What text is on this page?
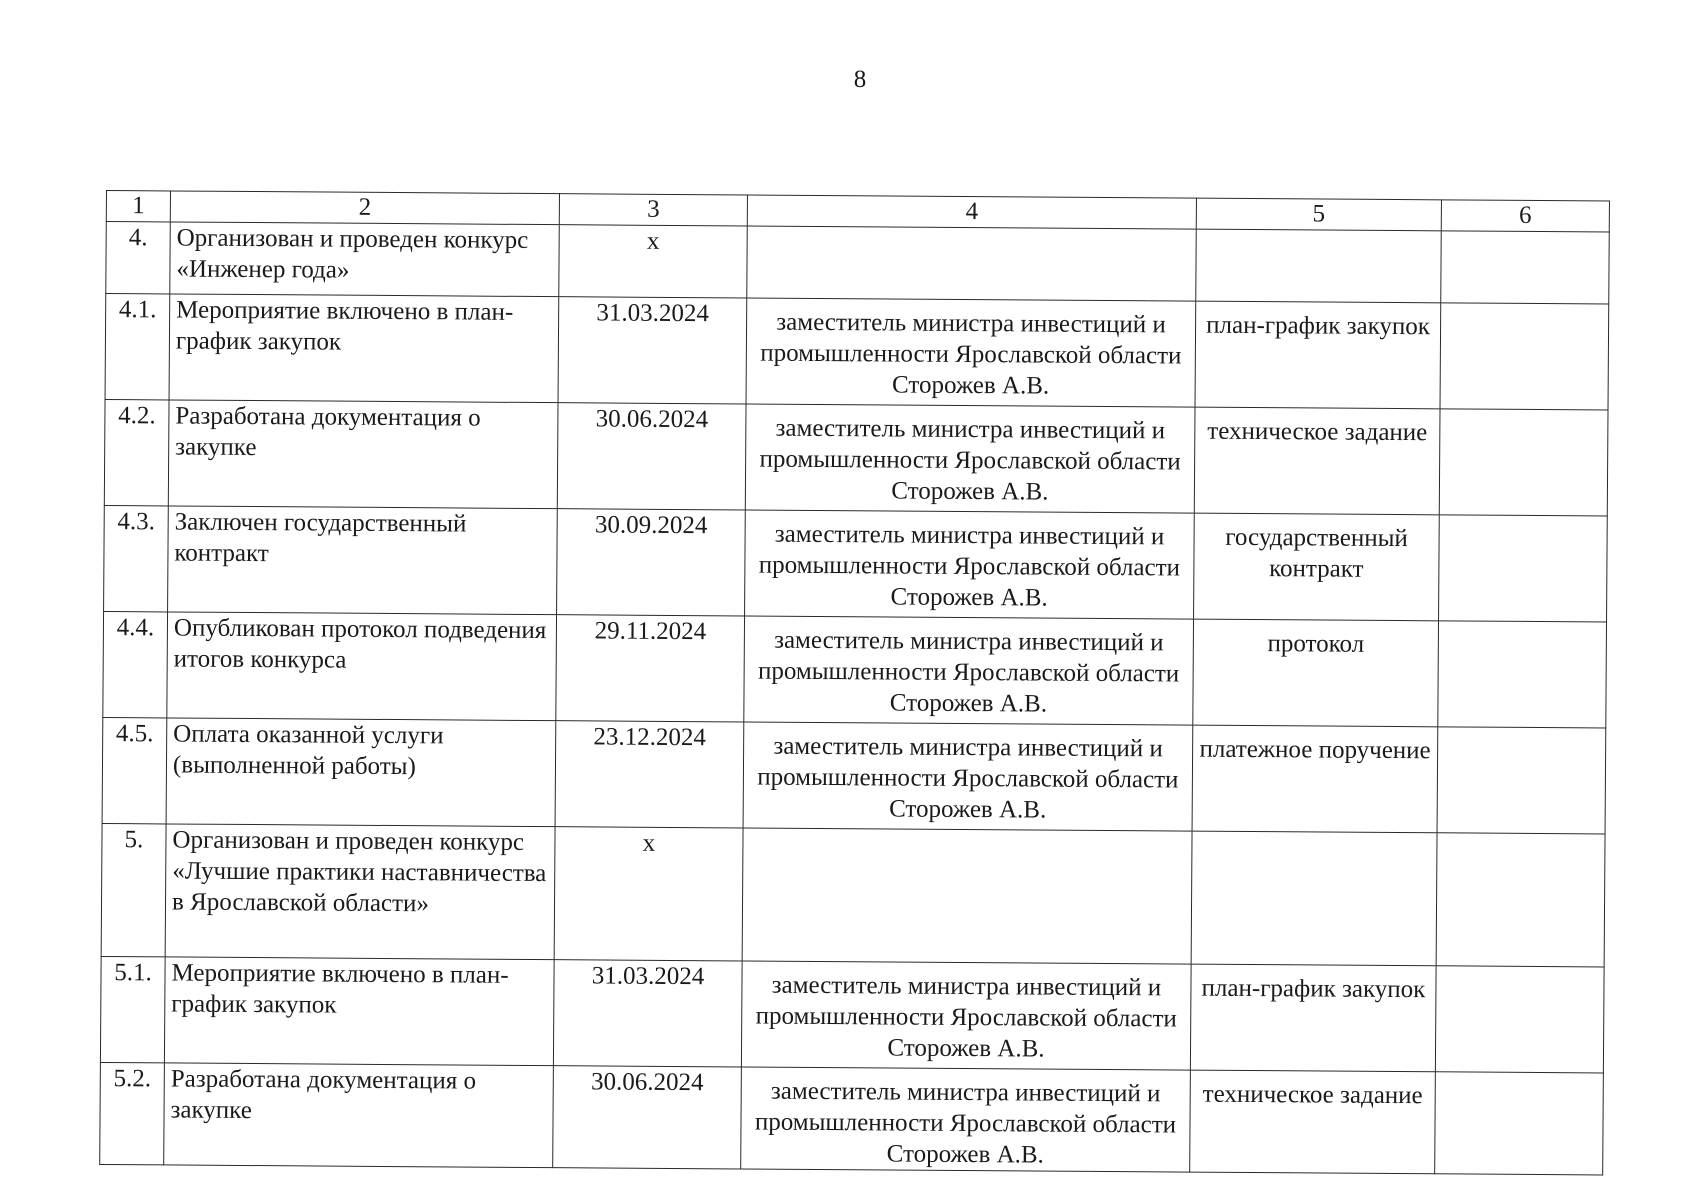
8
1	2	3	4	5	6
4.	Организован и проведен конкурс «Инженер года»	х			
4.1.	Мероприятие включено в план-график закупок	31.03.2024	заместитель министра инвестиций и промышленности Ярославской области Сторожев А.В.	план-график закупок	
4.2.	Разработана документация о закупке	30.06.2024	заместитель министра инвестиций и промышленности Ярославской области Сторожев А.В.	техническое задание	
4.3.	Заключен государственный контракт	30.09.2024	заместитель министра инвестиций и промышленности Ярославской области Сторожев А.В.	государственный контракт	
4.4.	Опубликован протокол подведения итогов конкурса	29.11.2024	заместитель министра инвестиций и промышленности Ярославской области Сторожев А.В.	протокол	
4.5.	Оплата оказанной услуги (выполненной работы)	23.12.2024	заместитель министра инвестиций и промышленности Ярославской области Сторожев А.В.	платежное поручение	
5.	Организован и проведен конкурс «Лучшие практики наставничества в Ярославской области»	х			
5.1.	Мероприятие включено в план-график закупок	31.03.2024	заместитель министра инвестиций и промышленности Ярославской области Сторожев А.В.	план-график закупок	
5.2.	Разработана документация о закупке	30.06.2024	заместитель министра инвестиций и промышленности Ярославской области Сторожев А.В.	техническое задание	
